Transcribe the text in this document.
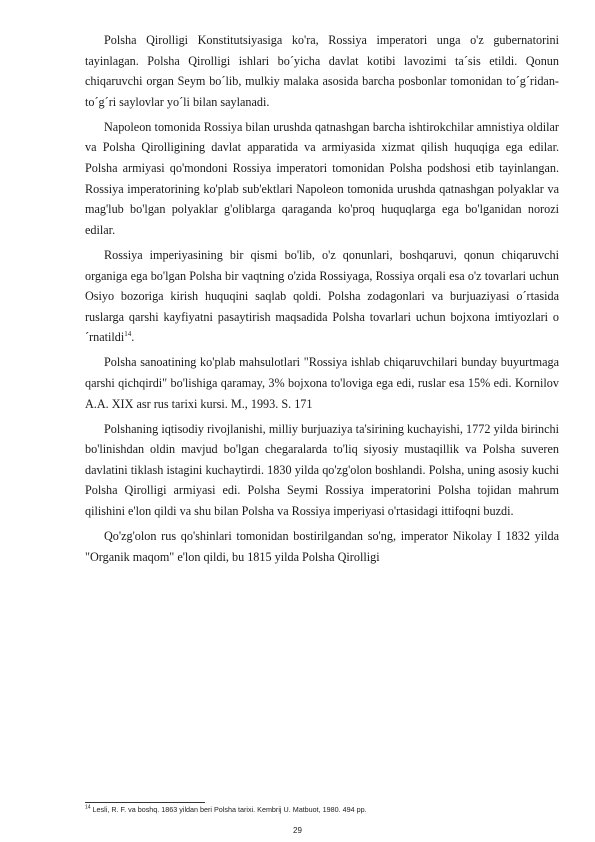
Polsha Qirolligi Konstitutsiyasiga ko'ra, Rossiya imperatori unga o'z gubernatorini tayinlagan. Polsha Qirolligi ishlari bo´yicha davlat kotibi lavozimi ta´sis etildi. Qonun chiqaruvchi organ Seym bo´lib, mulkiy malaka asosida barcha posbonlar tomonidan to´g´ridan-to´g´ri saylovlar yo´li bilan saylanadi.

Napoleon tomonida Rossiya bilan urushda qatnashgan barcha ishtirokchilar amnistiya oldilar va Polsha Qirolligining davlat apparatida va armiyasida xizmat qilish huquqiga ega edilar. Polsha armiyasi qo'mondoni Rossiya imperatori tomonidan Polsha podshosi etib tayinlangan. Rossiya imperatorining ko'plab sub'ektlari Napoleon tomonida urushda qatnashgan polyaklar va mag'lub bo'lgan polyaklar g'oliblarga qaraganda ko'proq huquqlarga ega bo'lganidan norozi edilar.

Rossiya imperiyasining bir qismi bo'lib, o'z qonunlari, boshqaruvi, qonun chiqaruvchi organiga ega bo'lgan Polsha bir vaqtning o'zida Rossiyaga, Rossiya orqali esa o'z tovarlari uchun Osiyo bozoriga kirish huquqini saqlab qoldi. Polsha zodagonlari va burjuaziyasi o´rtasida ruslarga qarshi kayfiyatni pasaytirish maqsadida Polsha tovarlari uchun bojxona imtiyozlari o´rnatildi$^{14}$.

Polsha sanoatining ko'plab mahsulotlari "Rossiya ishlab chiqaruvchilari bunday buyurtmaga qarshi qichqirdi" bo'lishiga qaramay, 3% bojxona to'loviga ega edi, ruslar esa 15% edi. Kornilov A.A. XIX asr rus tarixi kursi. M., 1993. S. 171

Polshaning iqtisodiy rivojlanishi, milliy burjuaziya ta'sirining kuchayishi, 1772 yilda birinchi bo'linishdan oldin mavjud bo'lgan chegaralarda to'liq siyosiy mustaqillik va Polsha suveren davlatini tiklash istagini kuchaytirdi. 1830 yilda qo'zg'olon boshlandi. Polsha, uning asosiy kuchi Polsha Qirolligi armiyasi edi. Polsha Seymi Rossiya imperatorini Polsha tojidan mahrum qilishini e'lon qildi va shu bilan Polsha va Rossiya imperiyasi o'rtasidagi ittifoqni buzdi.

Qo'zg'olon rus qo'shinlari tomonidan bostirilgandan so'ng, imperator Nikolay I 1832 yilda "Organik maqom" e'lon qildi, bu 1815 yilda Polsha Qirolligi

$^{14}$ Lesli, R. F. va boshq. 1863 yildan beri Polsha tarixi. Kembrij U. Matbuot, 1980. 494 pp.
29
